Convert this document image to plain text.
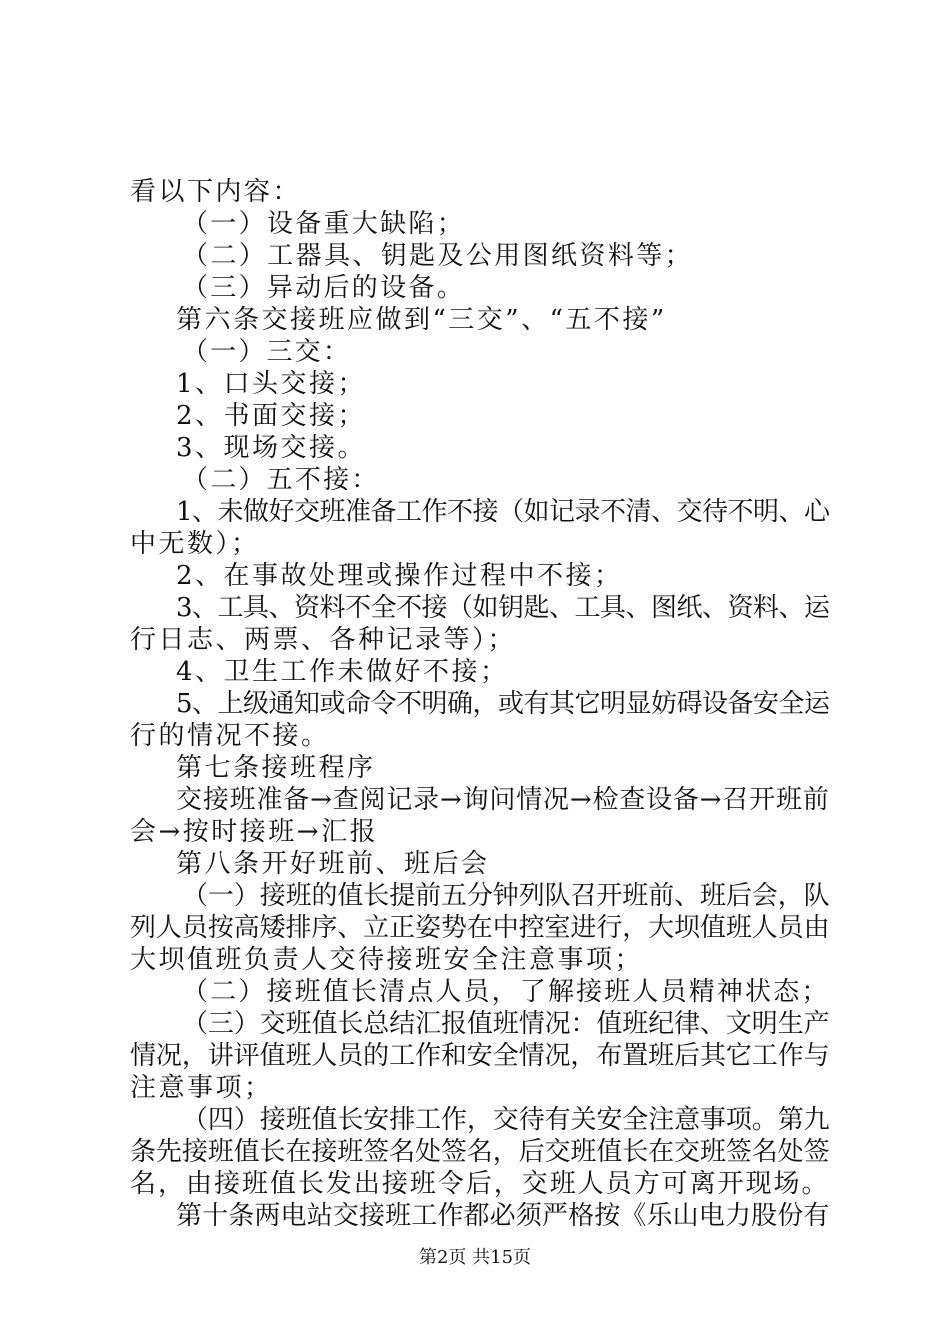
看以下内容：
（一）设备重大缺陷；
（二）工器具、钥匙及公用图纸资料等；
（三）异动后的设备。
第六条交接班应做到“三交”、“五不接”
（一）三交：
1、口头交接；
2、书面交接；
3、现场交接。
（二）五不接：
1、未做好交班准备工作不接（如记录不清、交待不明、心
中无数）；
2、在事故处理或操作过程中不接；
3、工具、资料不全不接（如钥匙、工具、图纸、资料、运
行日志、两票、各种记录等）；
4、卫生工作未做好不接；
5、上级通知或命令不明确，或有其它明显妨碍设备安全运
行的情况不接。
第七条接班程序
交接班准备→查阅记录→询问情况→检查设备→召开班前
会→按时接班→汇报
第八条开好班前、班后会
（一）接班的值长提前五分钟列队召开班前、班后会，队
列人员按高矮排序、立正姿势在中控室进行，大坝值班人员由
大坝值班负责人交待接班安全注意事项；
（二）接班值长清点人员，了解接班人员精神状态；
（三）交班值长总结汇报值班情况：值班纪律、文明生产
情况，讲评值班人员的工作和安全情况，布置班后其它工作与
注意事项；
（四）接班值长安排工作，交待有关安全注意事项。第九
条先接班值长在接班签名处签名，后交班值长在交班签名处签
名，由接班值长发出接班令后，交班人员方可离开现场。
第十条两电站交接班工作都必须严格按《乐山电力股份有
第2页 共15页
